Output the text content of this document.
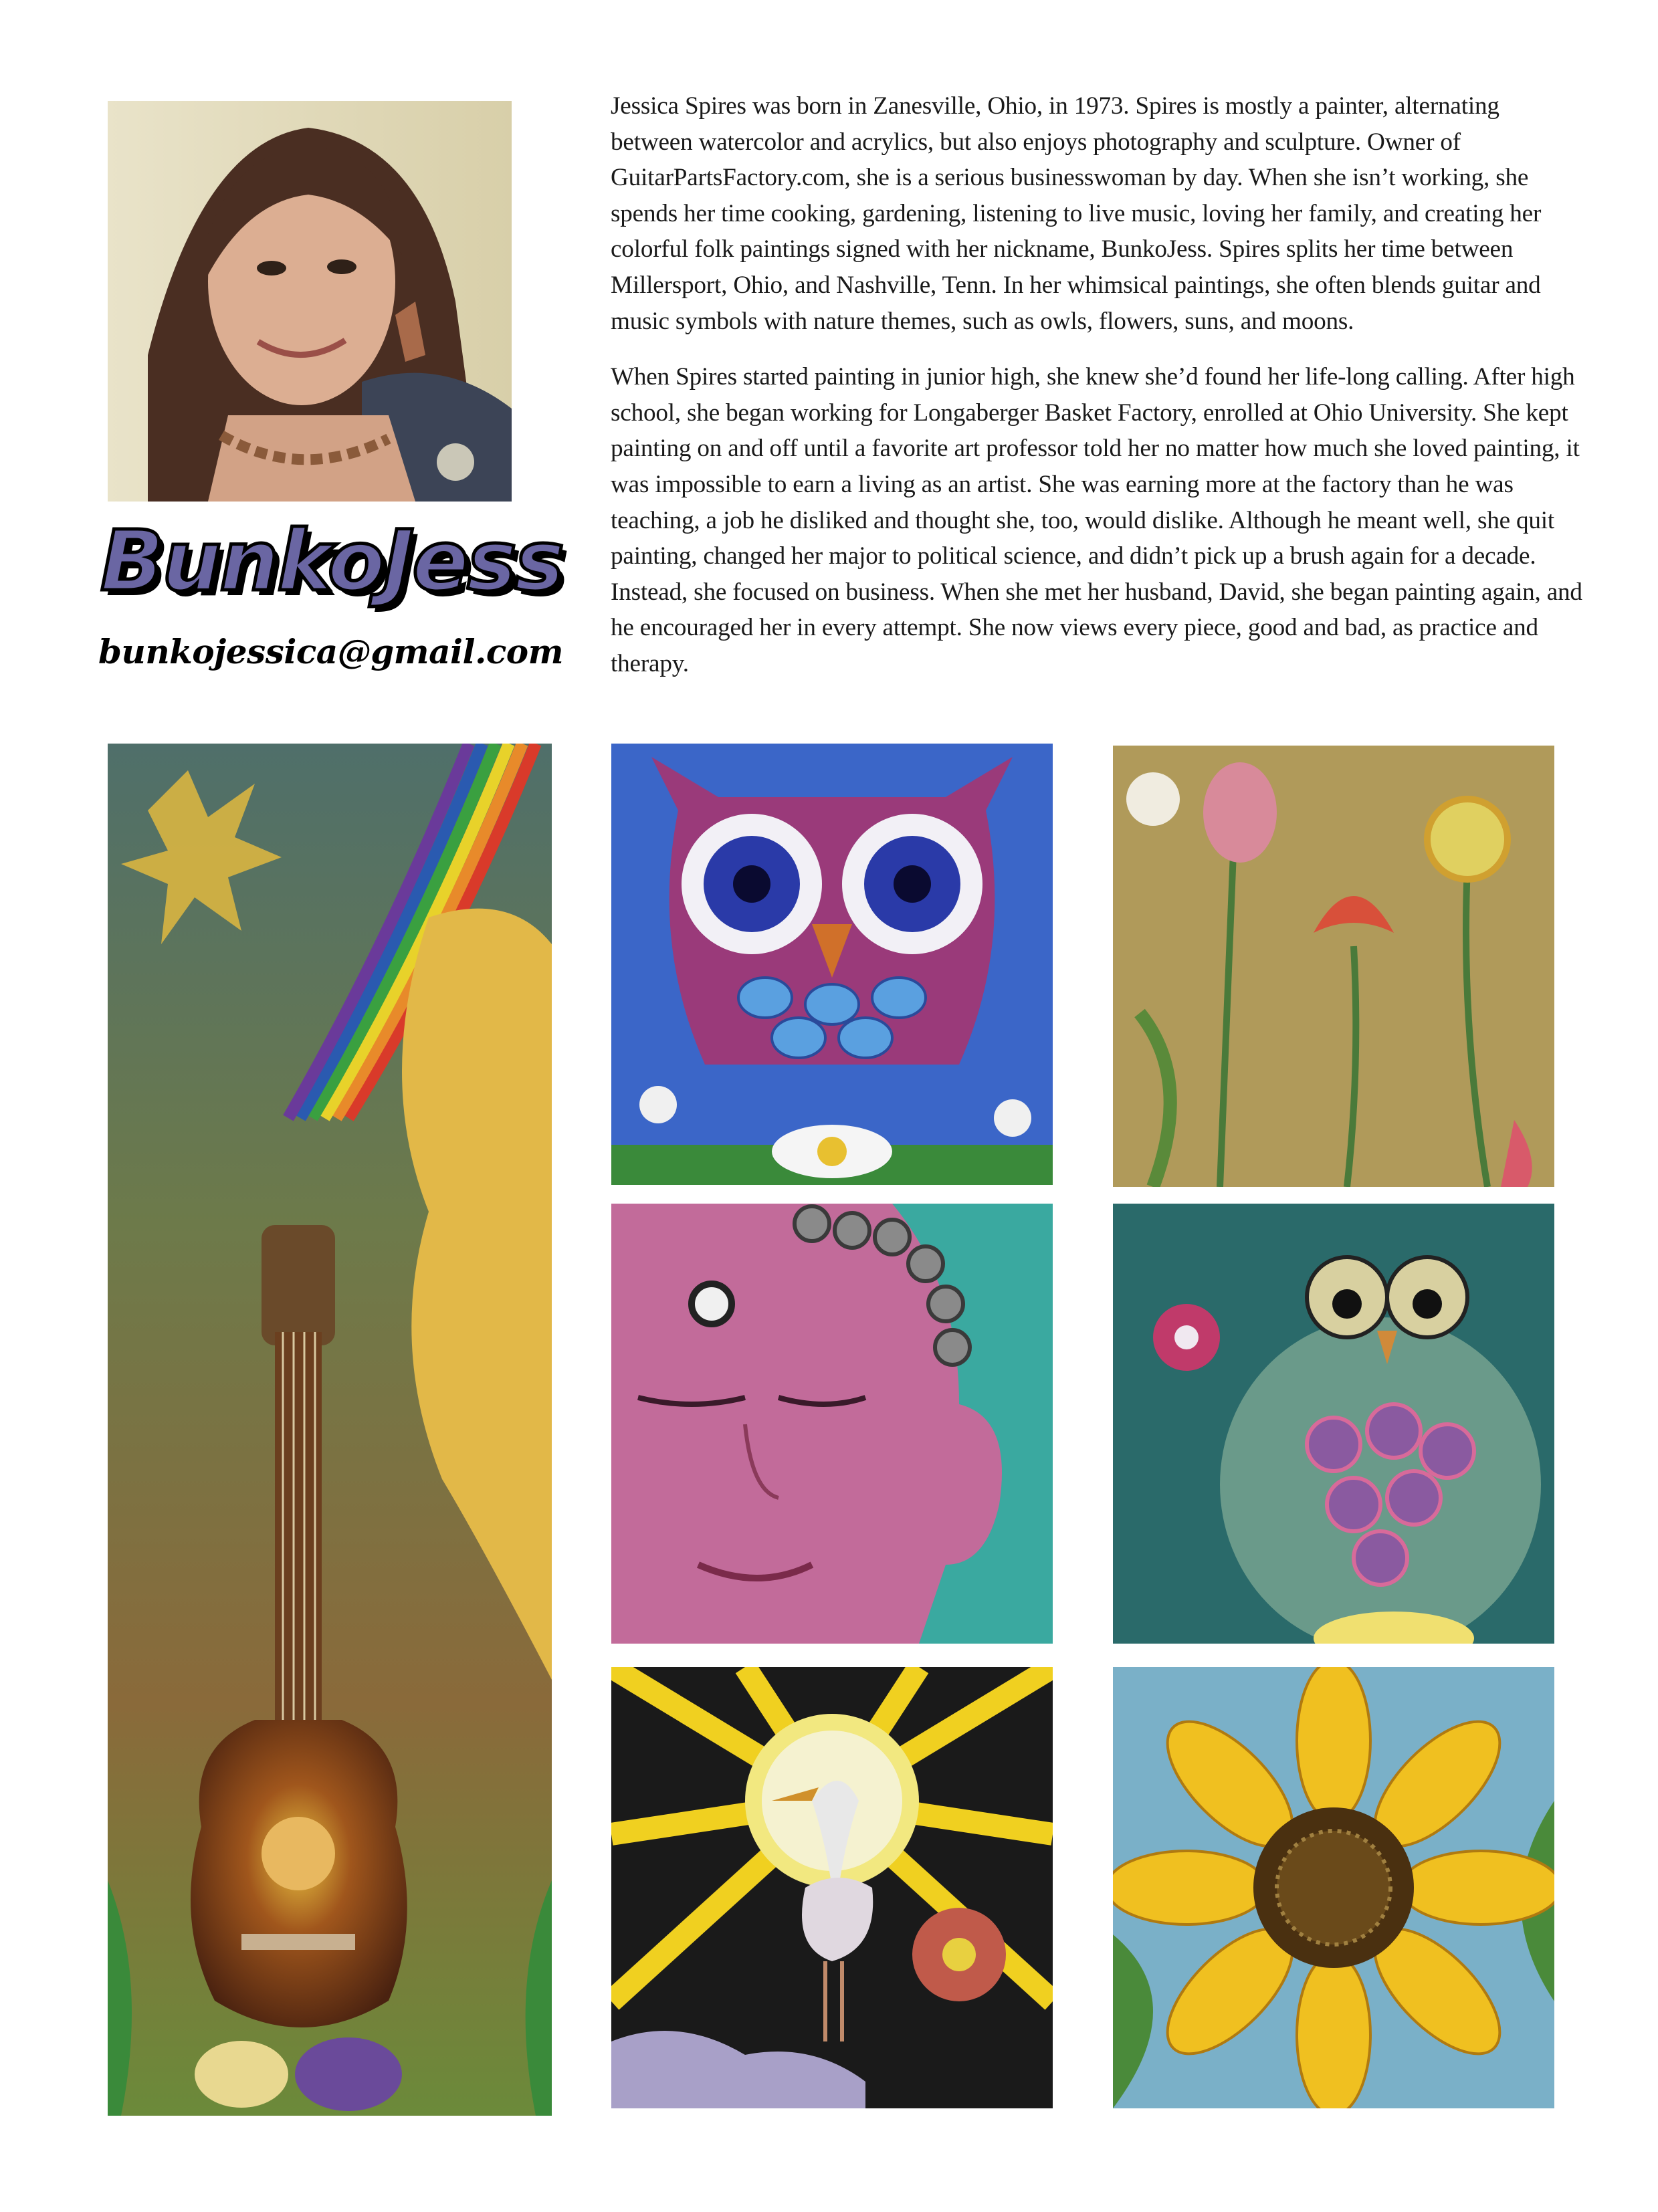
BunkoJess
bunkojessica@gmail.com

Jessica Spires was born in Zanesville, Ohio, in 1973. Spires is mostly a painter, alternating between watercolor and acrylics, but also enjoys photography and sculpture. Owner of GuitarPartsFactory.com, she is a serious businesswoman by day. When she isn’t working, she spends her time cooking, gardening, listening to live music, loving her family, and creating her colorful folk paintings signed with her nickname, BunkoJess. Spires splits her time between Millersport, Ohio, and Nashville, Tenn. In her whimsical paintings, she often blends guitar and music symbols with nature themes, such as owls, flowers, suns, and moons.

When Spires started painting in junior high, she knew she’d found her life-long calling. After high school, she began working for Longaberger Basket Factory, enrolled at Ohio University. She kept painting on and off until a favorite art professor told her no matter how much she loved painting, it was impossible to earn a living as an artist. She was earning more at the factory than he was teaching, a job he disliked and thought she, too, would dislike. Although he meant well, she quit painting, changed her major to political science, and didn’t pick up a brush again for a decade. Instead, she focused on business. When she met her husband, David, she began painting again, and he encouraged her in every attempt. She now views every piece, good and bad, as practice and therapy.
